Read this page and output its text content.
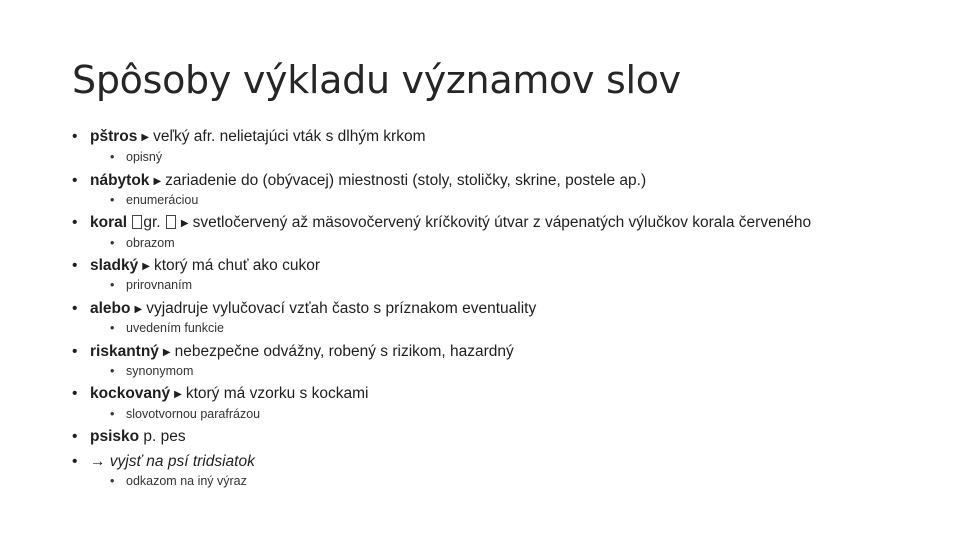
Spôsoby výkladu významov slov
• pštros ▶ veľký afr. nelietajúci vták s dlhým krkom
• opisný
• nábytok ▶ zariadenie do (obývacej) miestnosti (stoly, stoličky, skrine, postele ap.)
• enumeráciou
• koral gr. ▶ svetločervený až mäsovočervený kríčkovitý útvar z vápenatých výlučkov korala červeného
• obrazom
• sladký ▶ ktorý má chuť ako cukor
• prirovnaním
• alebo ▶ vyjadruje vylučovací vzťah často s príznakom eventuality
• uvedením funkcie
• riskantný ▶ nebezpečne odvážny, robený s rizikom, hazardný
• synonymom
• kockovaný ▶ ktorý má vzorku s kockami
• slovotvornou parafrázou
• psisko p. pes
• → vyjsť na psí tridsiatok
• odkazom na iný výraz
